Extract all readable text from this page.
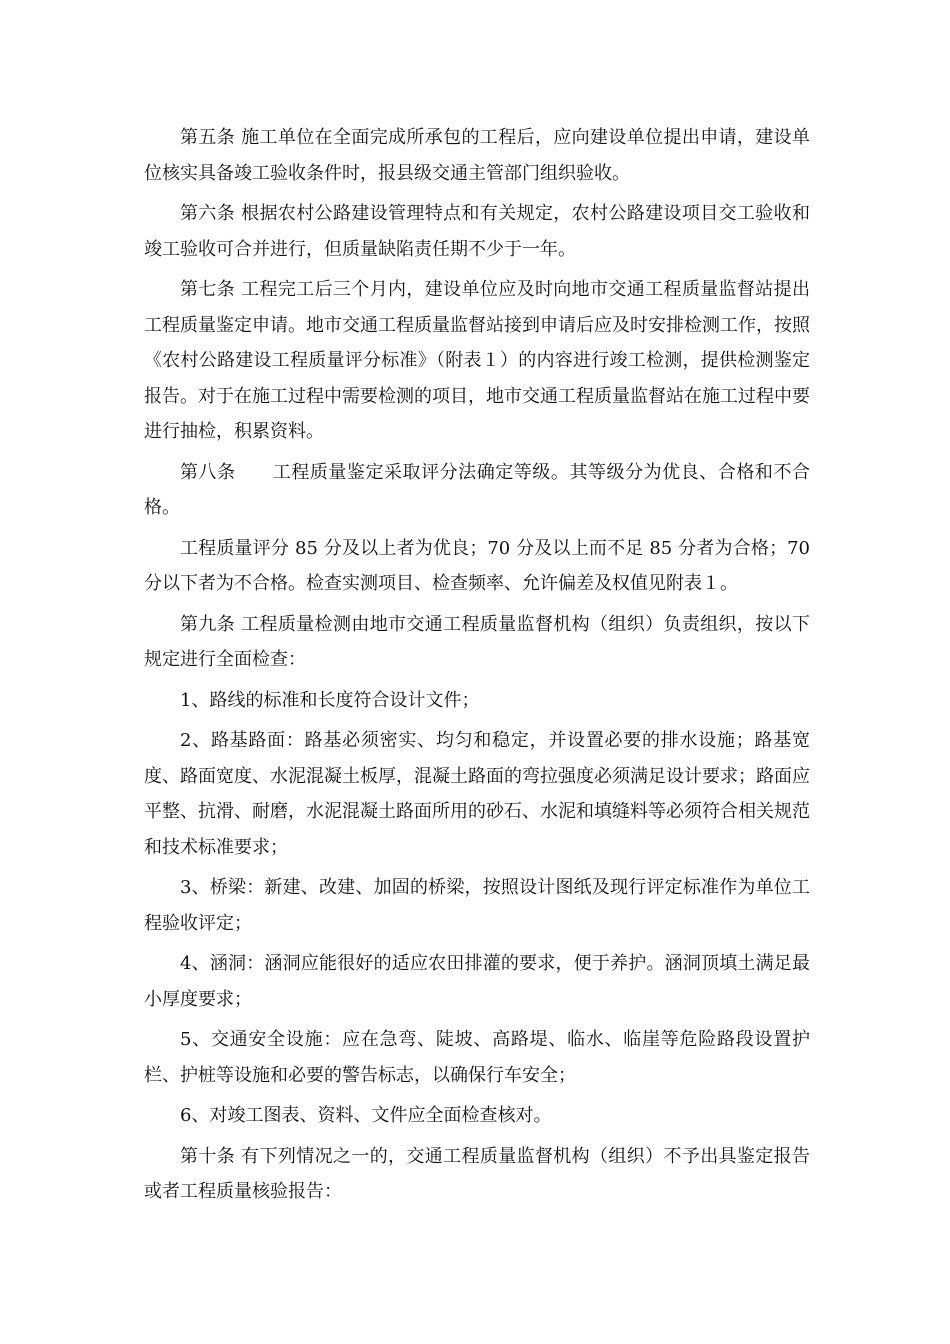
第五条 施工单位在全面完成所承包的工程后，应向建设单位提出申请，建设单位核实具备竣工验收条件时，报县级交通主管部门组织验收。

第六条 根据农村公路建设管理特点和有关规定，农村公路建设项目交工验收和竣工验收可合并进行，但质量缺陷责任期不少于一年。

第七条 工程完工后三个月内，建设单位应及时向地市交通工程质量监督站提出工程质量鉴定申请。地市交通工程质量监督站接到申请后应及时安排检测工作，按照《农村公路建设工程质量评分标准》（附表１）的内容进行竣工检测，提供检测鉴定报告。对于在施工过程中需要检测的项目，地市交通工程质量监督站在施工过程中要进行抽检，积累资料。

第八条　　工程质量鉴定采取评分法确定等级。其等级分为优良、合格和不合格。

工程质量评分 85 分及以上者为优良；70 分及以上而不足 85 分者为合格；70 分以下者为不合格。检查实测项目、检查频率、允许偏差及权值见附表１。

第九条 工程质量检测由地市交通工程质量监督机构（组织）负责组织，按以下规定进行全面检查：

1、路线的标准和长度符合设计文件；

2、路基路面：路基必须密实、均匀和稳定，并设置必要的排水设施；路基宽度、路面宽度、水泥混凝土板厚，混凝土路面的弯拉强度必须满足设计要求；路面应平整、抗滑、耐磨，水泥混凝土路面所用的砂石、水泥和填缝料等必须符合相关规范和技术标准要求；

3、桥梁：新建、改建、加固的桥梁，按照设计图纸及现行评定标准作为单位工程验收评定；

4、涵洞：涵洞应能很好的适应农田排灌的要求，便于养护。涵洞顶填土满足最小厚度要求；

5、交通安全设施：应在急弯、陡坡、高路堤、临水、临崖等危险路段设置护栏、护桩等设施和必要的警告标志，以确保行车安全；

6、对竣工图表、资料、文件应全面检查核对。

第十条 有下列情况之一的，交通工程质量监督机构（组织）不予出具鉴定报告或者工程质量核验报告：
